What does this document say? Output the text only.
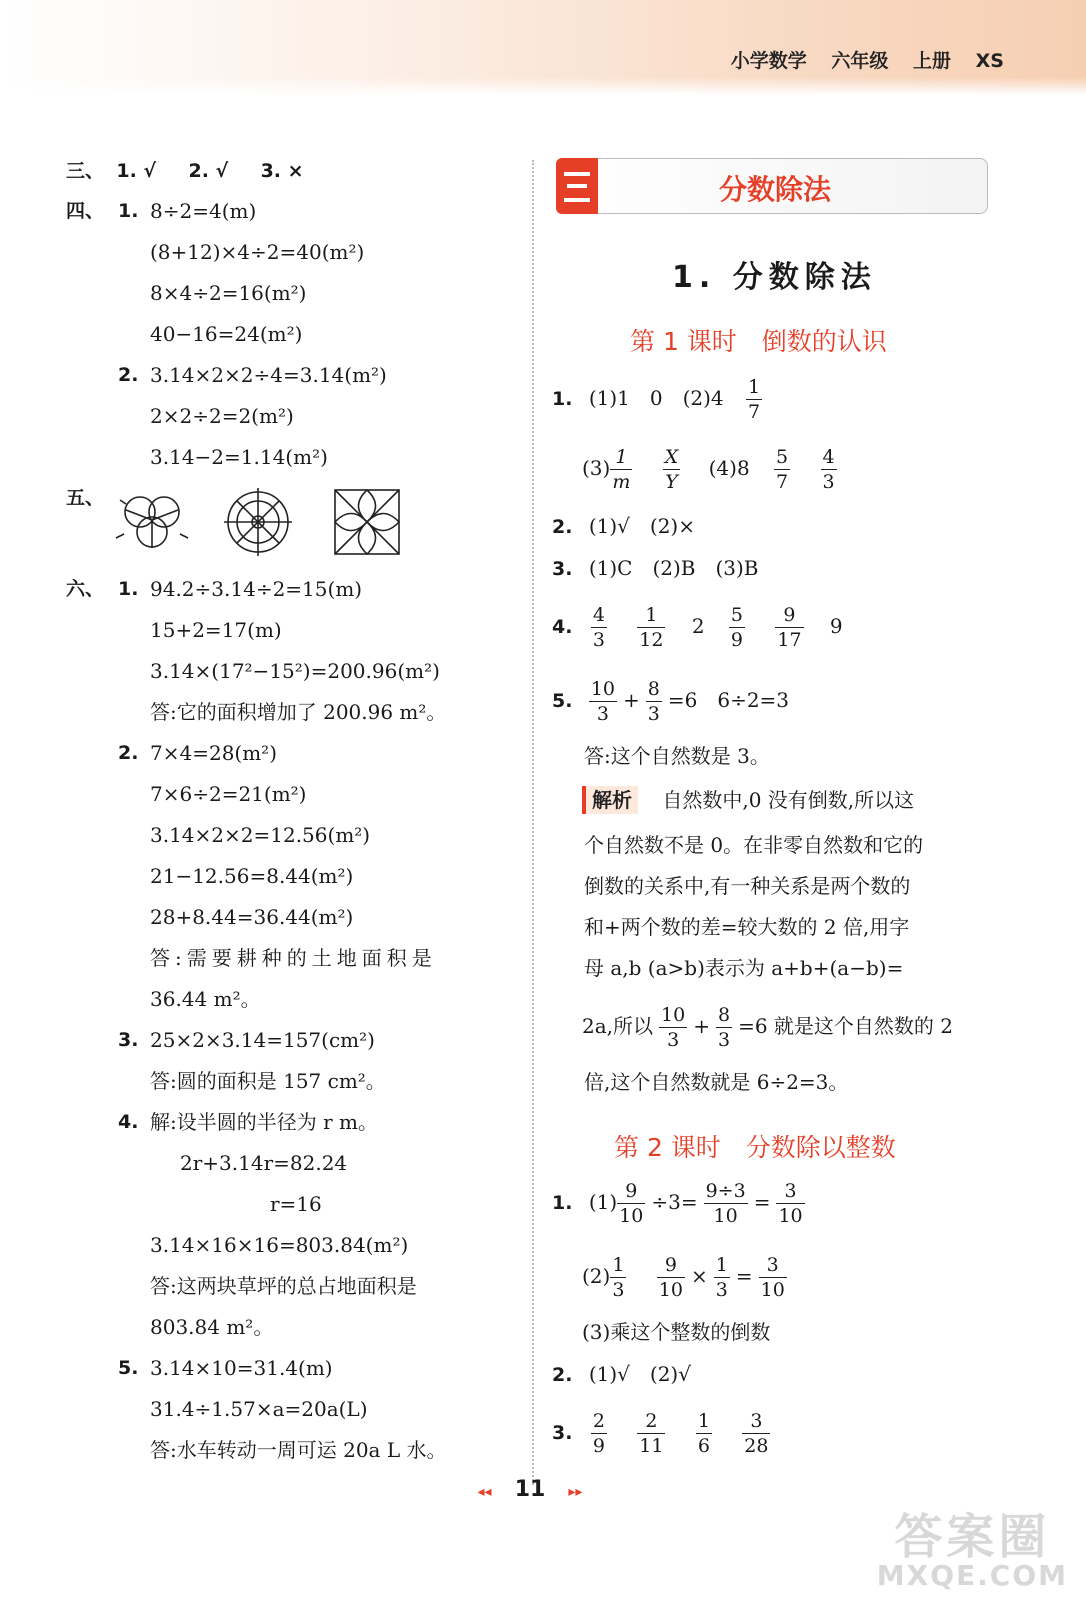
小学数学 六年级 上册 XS
三、 1. √ 2. √ 3. ×
四、 1. 8÷2=4(m)
(8+12)×4÷2=40(m²)
8×4÷2=16(m²)
40−16=24(m²)
2. 3.14×2×2÷4=3.14(m²)
2×2÷2=2(m²)
3.14−2=1.14(m²)
五、
六、 1. 94.2÷3.14÷2=15(m)
15+2=17(m)
3.14×(17²−15²)=200.96(m²)
答:它的面积增加了 200.96 m²。
2. 7×4=28(m²)
7×6÷2=21(m²)
3.14×2×2=12.56(m²)
21−12.56=8.44(m²)
28+8.44=36.44(m²)
答:需要耕种的土地面积是
36.44 m²。
3. 25×2×3.14=157(cm²)
答:圆的面积是 157 cm²。
4. 解:设半圆的半径为 r m。
2r+3.14r=82.24
r=16
3.14×16×16=803.84(m²)
答:这两块草坪的总占地面积是
803.84 m²。
5. 3.14×10=31.4(m)
31.4÷1.57×a=20a(L)
答:水车转动一周可运 20a L 水。
分数除法
1. 分数除法
第 1 课时　倒数的认识
1. (1)1　0　$(2)4 \frac{1}{7}$
$(3) \frac{1}{m}$
$\frac{X}{Y} (4)8 \frac{5}{7}$
$\frac{4}{3}$
2. (1)√　(2)×
3. (1)C　(2)B　(3)B
4. $\frac{4}{3}$
$\frac{1}{12} 2 \frac{5}{9}$
$\frac{9}{17} 9$
5. $\frac{10}{3} + \frac{8}{3} =6$　6÷2=3
答:这个自然数是 3。
解析 自然数中,0 没有倒数,所以这
个自然数不是 0。在非零自然数和它的
倒数的关系中,有一种关系是两个数的
和+两个数的差=较大数的 2 倍,用字
母 a,b (a>b)表示为 a+b+(a−b)=
2a,所以 $\frac{10}{3} + \frac{8}{3} =6$ 就是这个自然数的 2
倍,这个自然数就是 6÷2=3。
第 2 课时　分数除以整数
1. $(1) \frac{9}{10} \div 3= \frac{9\div 3}{10} = \frac{3}{10}$
$(2) \frac{1}{3}$
$\frac{9}{10} \times \frac{1}{3} = \frac{3}{10}$
(3)乘这个整数的倒数
2. (1)√　(2)√
3. $\frac{2}{9}$
$\frac{2}{11}$
$\frac{1}{6}$
$\frac{3}{28}$
◂◂ 11 ▸▸
答案圈
MXQE.COM
